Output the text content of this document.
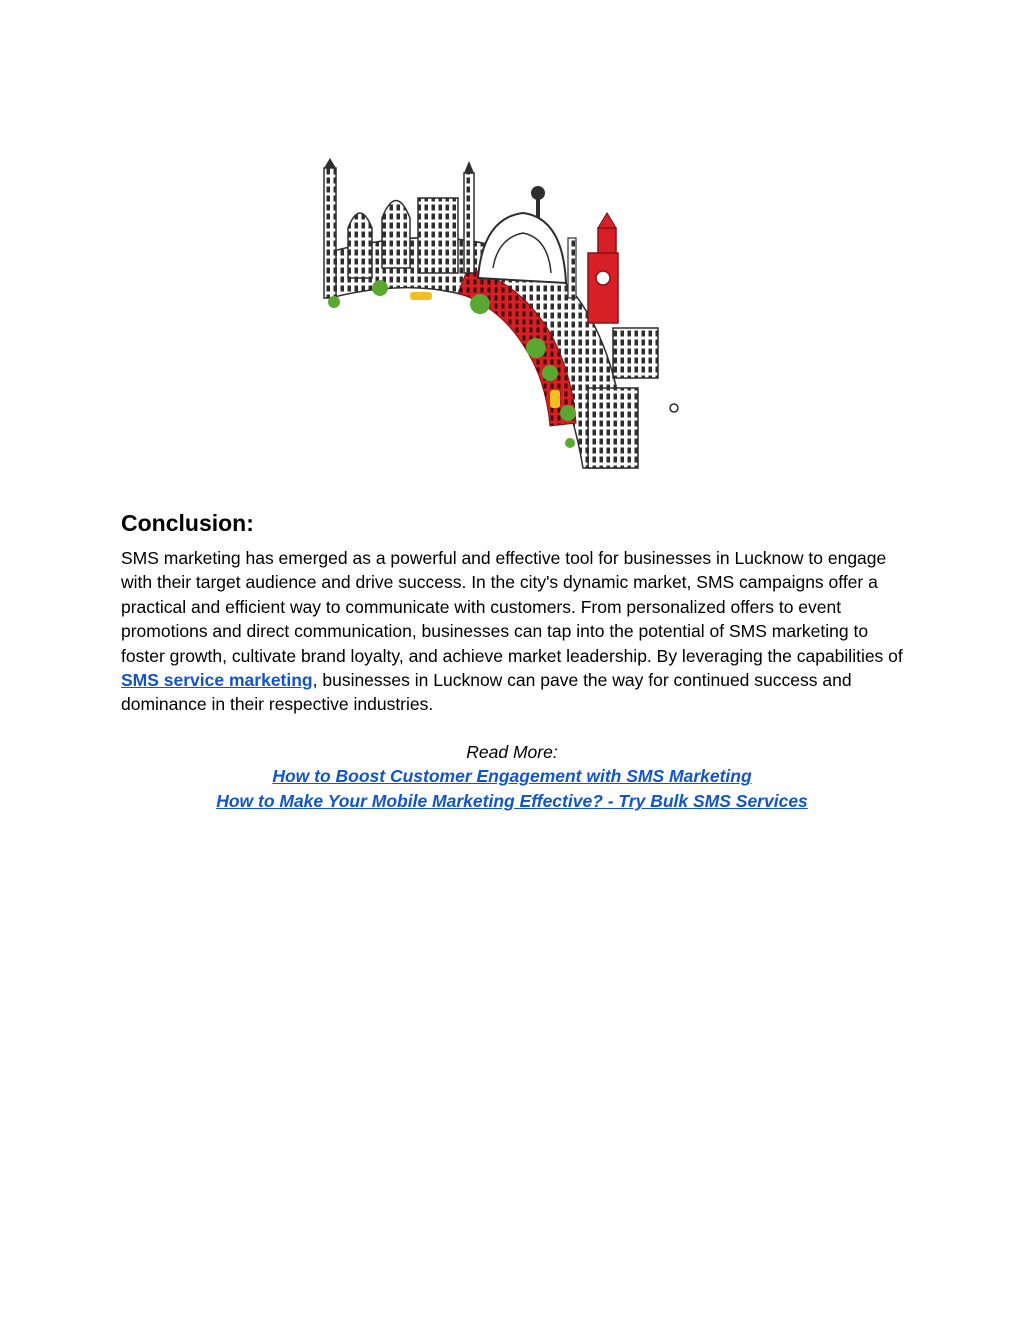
Conclusion:

SMS marketing has emerged as a powerful and effective tool for businesses in Lucknow to engage with their target audience and drive success. In the city's dynamic market, SMS campaigns offer a practical and efficient way to communicate with customers. From personalized offers to event promotions and direct communication, businesses can tap into the potential of SMS marketing to foster growth, cultivate brand loyalty, and achieve market leadership. By leveraging the capabilities of SMS service marketing, businesses in Lucknow can pave the way for continued success and dominance in their respective industries.

Read More:
How to Boost Customer Engagement with SMS Marketing
How to Make Your Mobile Marketing Effective? - Try Bulk SMS Services
